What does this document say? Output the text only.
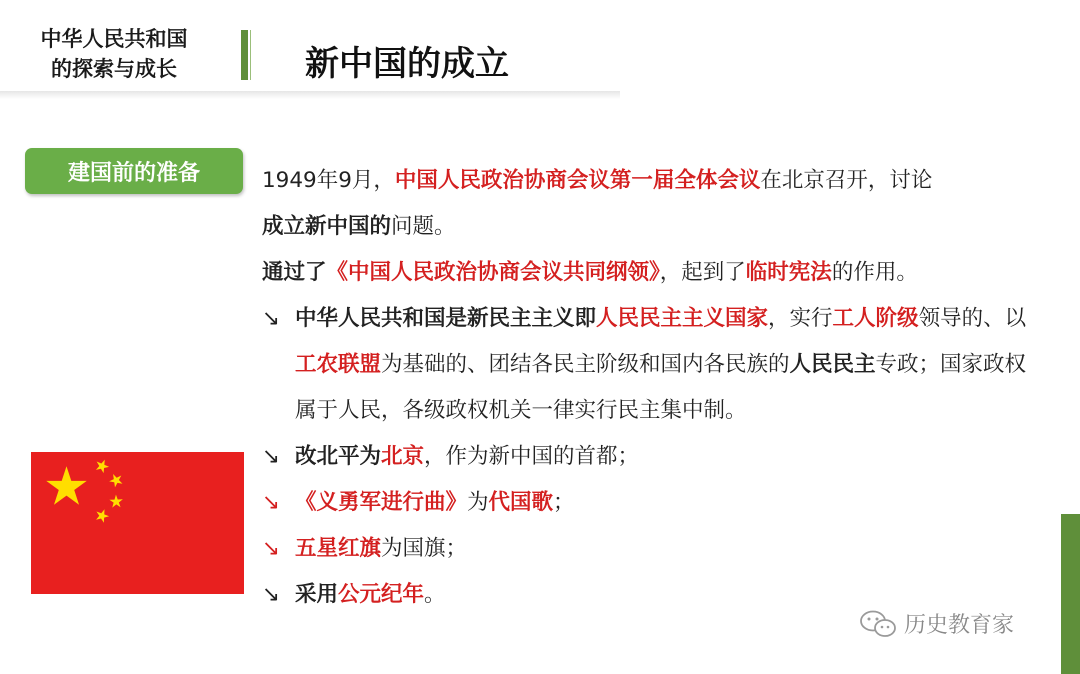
中华人民共和国
的探索与成长	新中国的成立
建国前的准备	1949年9月，中国人民政治协商会议第一届全体会议在北京召开，讨论
成立新中国的问题。
通过了《中国人民政治协商会议共同纲领》，起到了临时宪法的作用。
↘ 中华人民共和国是新民主主义即人民民主主义国家，实行工人阶级领导的、以工农联盟为基础的、团结各民主阶级和国内各民族的人民民主专政；国家政权属于人民，各级政权机关一律实行民主集中制。
↘ 改北平为北京，作为新中国的首都；
↘ 《义勇军进行曲》为代国歌；
↘ 五星红旗为国旗；
↘ 采用公元纪年。
历史教育家
